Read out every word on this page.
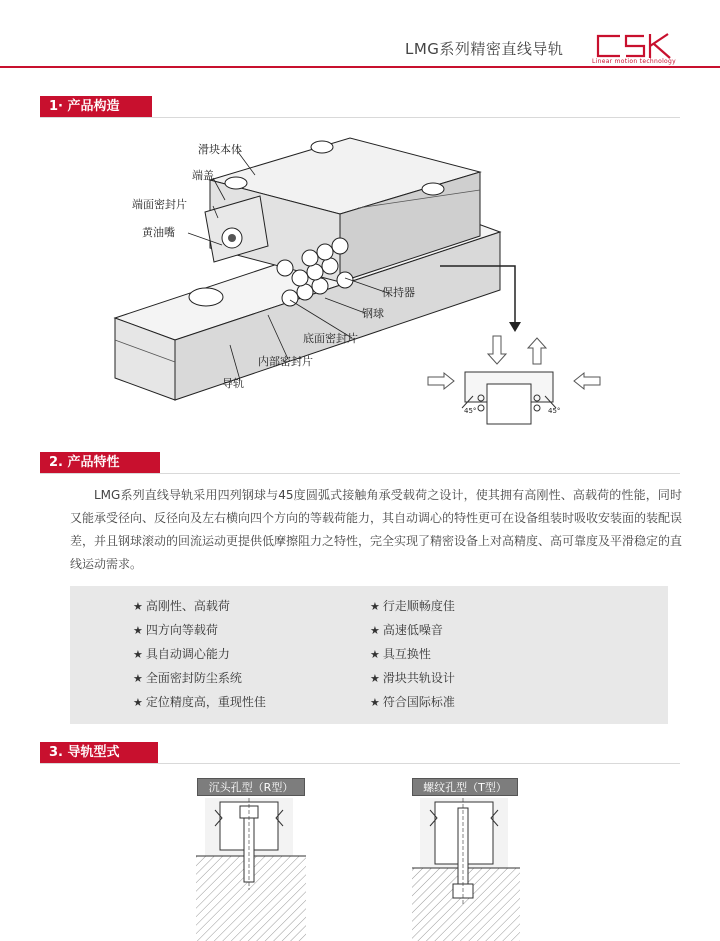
LMG系列精密直线导轨
Linear motion technology
1· 产品构造
滑块本体
端盖
端面密封片
黄油嘴
保持器
钢球
底面密封片
内部密封片
导轨
45°	45°
2. 产品特性

LMG系列直线导轨采用四列钢球与45度圆弧式接触角承受载荷之设计，使其拥有高刚性、高载荷的性能，同时又能承受径向、反径向及左右横向四个方向的等载荷能力，其自动调心的特性更可在设备组装时吸收安装面的装配误差，并且钢球滚动的回流运动更提供低摩擦阻力之特性，完全实现了精密设备上对高精度、高可靠度及平滑稳定的直线运动需求。

★ 高刚性、高载荷
★ 四方向等载荷
★ 具自动调心能力
★ 全面密封防尘系统
★ 定位精度高，重现性佳
★ 行走顺畅度佳
★ 高速低噪音
★ 具互换性
★ 滑块共轨设计
★ 符合国际标准
3. 导轨型式
沉头孔型（R型）	螺纹孔型（T型）
